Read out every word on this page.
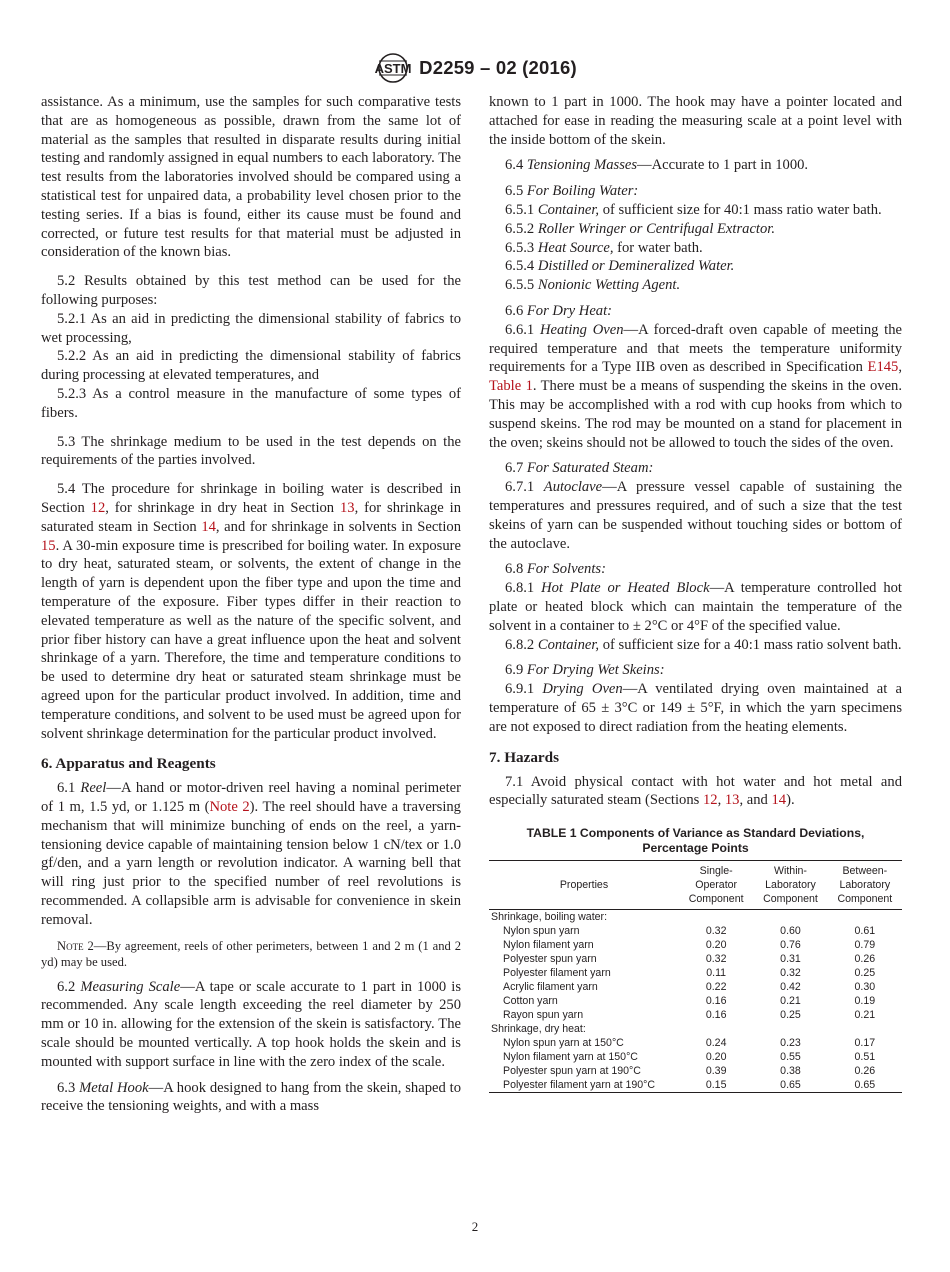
ASTM D2259 – 02 (2016)

assistance. As a minimum, use the samples for such comparative tests that are as homogeneous as possible, drawn from the same lot of material as the samples that resulted in disparate results during initial testing and randomly assigned in equal numbers to each laboratory. The test results from the laboratories involved should be compared using a statistical test for unpaired data, a probability level chosen prior to the testing series. If a bias is found, either its cause must be found and corrected, or future test results for that material must be adjusted in consideration of the known bias.

5.2 Results obtained by this test method can be used for the following purposes:

5.2.1 As an aid in predicting the dimensional stability of fabrics to wet processing,

5.2.2 As an aid in predicting the dimensional stability of fabrics during processing at elevated temperatures, and

5.2.3 As a control measure in the manufacture of some types of fibers.

5.3 The shrinkage medium to be used in the test depends on the requirements of the parties involved.

5.4 The procedure for shrinkage in boiling water is described in Section 12, for shrinkage in dry heat in Section 13, for shrinkage in saturated steam in Section 14, and for shrinkage in solvents in Section 15. A 30-min exposure time is prescribed for boiling water. In exposure to dry heat, saturated steam, or solvents, the extent of change in the length of yarn is dependent upon the fiber type and upon the time and temperature of the exposure. Fiber types differ in their reaction to elevated temperature as well as the nature of the specific solvent, and prior fiber history can have a great influence upon the heat and solvent shrinkage of a yarn. Therefore, the time and temperature conditions to be used to determine dry heat or saturated steam shrinkage must be agreed upon for the particular product involved. In addition, time and temperature conditions, and solvent to be used must be agreed upon for solvent shrinkage determination for the particular product involved.

6. Apparatus and Reagents

6.1 Reel—A hand or motor-driven reel having a nominal perimeter of 1 m, 1.5 yd, or 1.125 m (Note 2). The reel should have a traversing mechanism that will minimize bunching of ends on the reel, a yarn-tensioning device capable of maintaining tension below 1 cN/tex or 1.0 gf/den, and a yarn length or revolution indicator. A warning bell that will ring just prior to the specified number of reel revolutions is recommended. A collapsible arm is advisable for convenience in skein removal.

Note 2—By agreement, reels of other perimeters, between 1 and 2 m (1 and 2 yd) may be used.

6.2 Measuring Scale—A tape or scale accurate to 1 part in 1000 is recommended. Any scale length exceeding the reel diameter by 250 mm or 10 in. allowing for the extension of the skein is satisfactory. The scale should be mounted vertically. A top hook holds the skein and is mounted with support surface in line with the zero index of the scale.

6.3 Metal Hook—A hook designed to hang from the skein, shaped to receive the tensioning weights, and with a mass

known to 1 part in 1000. The hook may have a pointer located and attached for ease in reading the measuring scale at a point level with the inside bottom of the skein.

6.4 Tensioning Masses—Accurate to 1 part in 1000.

6.5 For Boiling Water:

6.5.1 Container, of sufficient size for 40:1 mass ratio water bath.

6.5.2 Roller Wringer or Centrifugal Extractor.

6.5.3 Heat Source, for water bath.

6.5.4 Distilled or Demineralized Water.

6.5.5 Nonionic Wetting Agent.

6.6 For Dry Heat:

6.6.1 Heating Oven—A forced-draft oven capable of meeting the required temperature and that meets the temperature uniformity requirements for a Type IIB oven as described in Specification E145, Table 1. There must be a means of suspending the skeins in the oven. This may be accomplished with a rod with cup hooks from which to suspend skeins. The rod may be mounted on a stand for placement in the oven; skeins should not be allowed to touch the sides of the oven.

6.7 For Saturated Steam:

6.7.1 Autoclave—A pressure vessel capable of sustaining the temperatures and pressures required, and of such a size that the test skeins of yarn can be suspended without touching sides or bottom of the autoclave.

6.8 For Solvents:

6.8.1 Hot Plate or Heated Block—A temperature controlled hot plate or heated block which can maintain the temperature of the solvent in a container to ± 2°C or 4°F of the specified value.

6.8.2 Container, of sufficient size for a 40:1 mass ratio solvent bath.

6.9 For Drying Wet Skeins:

6.9.1 Drying Oven—A ventilated drying oven maintained at a temperature of 65 ± 3°C or 149 ± 5°F, in which the yarn specimens are not exposed to direct radiation from the heating elements.

7. Hazards

7.1 Avoid physical contact with hot water and hot metal and especially saturated steam (Sections 12, 13, and 14).

TABLE 1 Components of Variance as Standard Deviations,
Percentage Points
Properties	Single-
Operator
Component	Within-
Laboratory
Component	Between-
Laboratory
Component
Shrinkage, boiling water:			
Nylon spun yarn	0.32	0.60	0.61
Nylon filament yarn	0.20	0.76	0.79
Polyester spun yarn	0.32	0.31	0.26
Polyester filament yarn	0.11	0.32	0.25
Acrylic filament yarn	0.22	0.42	0.30
Cotton yarn	0.16	0.21	0.19
Rayon spun yarn	0.16	0.25	0.21
Shrinkage, dry heat:			
Nylon spun yarn at 150°C	0.24	0.23	0.17
Nylon filament yarn at 150°C	0.20	0.55	0.51
Polyester spun yarn at 190°C	0.39	0.38	0.26
Polyester filament yarn at 190°C	0.15	0.65	0.65
2
